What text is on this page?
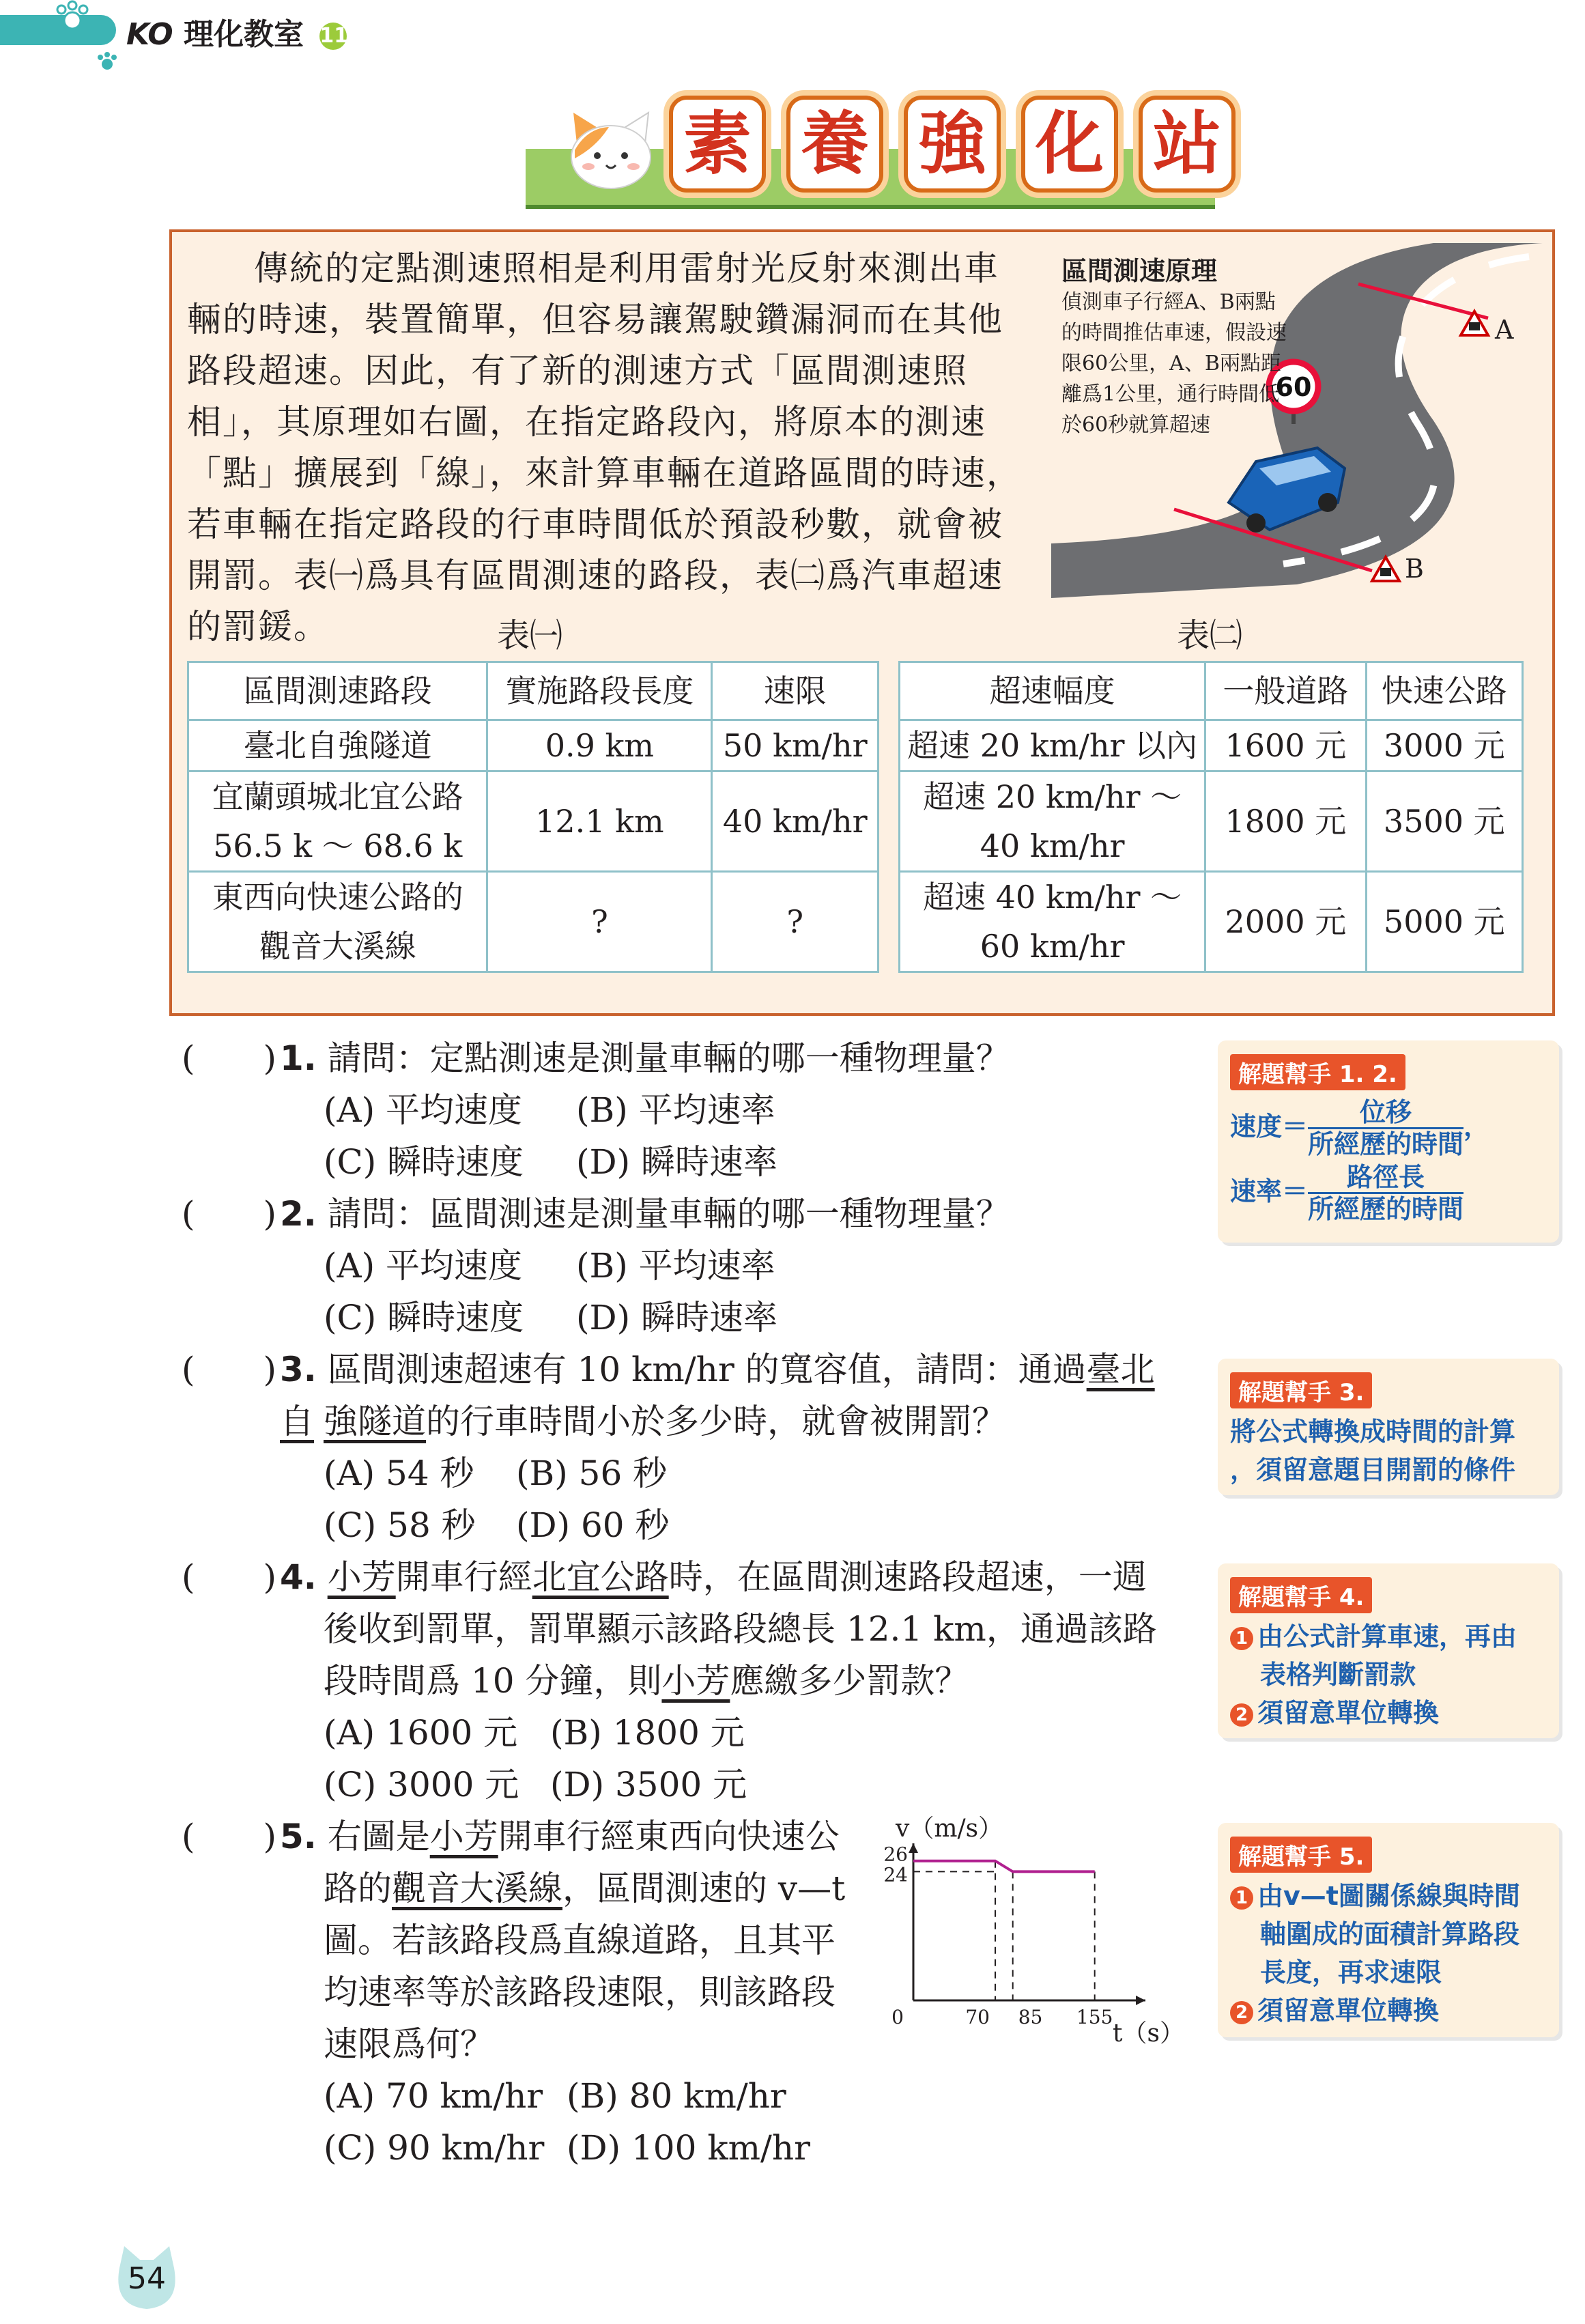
KO 理化教室 11
素 養 強 化 站
傳統的定點測速照相是利用雷射光反射來測出車輛的時速，裝置簡單，但容易讓駕駛鑽漏洞而在其他路段超速。因此，有了新的測速方式「區間測速照相」，其原理如右圖，在指定路段內，將原本的測速「點」擴展到「線」，來計算車輛在道路區間的時速，若車輛在指定路段的行車時間低於預設秒數，就會被開罰。表㈠爲具有區間測速的路段，表㈡爲汽車超速的罰鍰。
A
B
60
區間測速原理
偵測車子行經A、B兩點的時間推估車速，假設速限60公里，A、B兩點距離爲1公里，通行時間低於60秒就算超速
表㈠	表㈡
區間測速路段	實施路段長度	速限
臺北自強隧道	0.9 km	50 km/hr

宜蘭頭城北宜公路
56.5 k ～ 68.6 k	12.1 km	40 km/hr

東西向快速公路的
觀音大溪線	?	?
超速幅度	一般道路	快速公路
超速 20 km/hr 以內	1600 元	3000 元

超速 20 km/hr ～
40 km/hr	1800 元	3500 元

超速 40 km/hr ～
60 km/hr	2000 元	5000 元
(　　) 1. 請問：定點測速是測量車輛的哪一種物理量？
(A) 平均速度 (B) 平均速率
(C) 瞬時速度 (D) 瞬時速率
(　　) 2. 請問：區間測速是測量車輛的哪一種物理量？
(A) 平均速度 (B) 平均速率
(C) 瞬時速度 (D) 瞬時速率
(　　) 3. 區間測速超速有 10 km/hr 的寬容值，請問：通過臺北自 強隧道的行車時間小於多少時，就會被開罰？
(A) 54 秒 (B) 56 秒
(C) 58 秒 (D) 60 秒
(　　) 4. 小芳開車行經北宜公路時，在區間測速路段超速，一週
後收到罰單，罰單顯示該路段總長 12.1 km，通過該路
段時間爲 10 分鐘，則小芳應繳多少罰款？
(A) 1600 元 (B) 1800 元
(C) 3000 元 (D) 3500 元
(　　) 5. 右圖是小芳開車行經東西向快速公
路的觀音大溪線，區間測速的 v—t
圖。若該路段爲直線道路，且其平
均速率等於該路段速限，則該路段
速限爲何？
(A) 70 km/hr (B) 80 km/hr
(C) 90 km/hr (D) 100 km/hr
v（m/s）
t（s）
26
24
0	70 85 155
解題幫手 1. 2.
速度＝ $\frac{\text{位移}}{\text{所經歷的時間}}$ ，
速率＝ $\frac{\text{路徑長}}{\text{所經歷的時間}}$
解題幫手 3.
將公式轉換成時間的計算
，須留意題目開罰的條件
解題幫手 4.
1 由公式計算車速，再由
表格判斷罰款
2 須留意單位轉換
解題幫手 5.
1 由v—t圖關係線與時間
軸圍成的面積計算路段
長度，再求速限
2 須留意單位轉換
54
